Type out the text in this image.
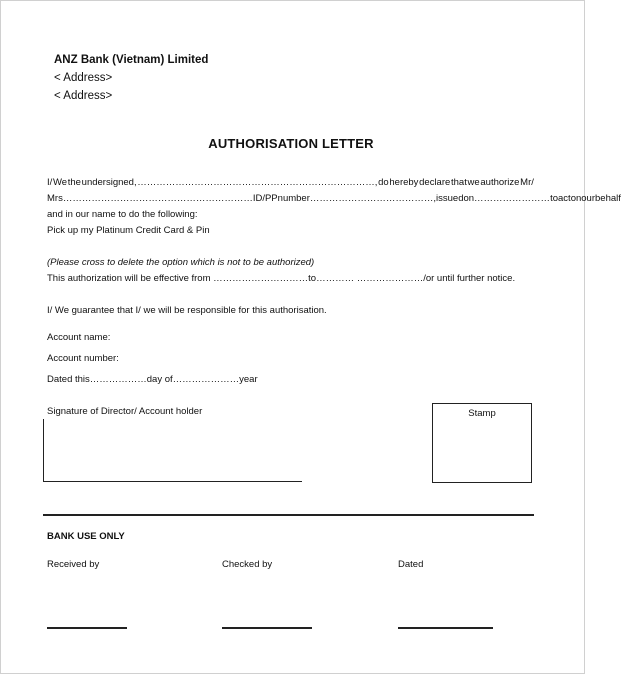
ANZ Bank (Vietnam) Limited
< Address>
< Address>
AUTHORISATION LETTER
I/ We the undersigned, …………………………………………………………………, do hereby declare that we authorize Mr/
Mrs……………………………………………………ID/ PP number …………………………………, issued on…………………… to act on our behalf
and in our name to do the following:
Pick up my Platinum Credit Card & Pin
(Please cross to delete the option which is not to be authorized)
This authorization will be effective from …………………………to………… …………………/or until further notice.
I/ We guarantee that I/ we will be responsible for this authorisation.
Account name:
Account number:
Dated this………………day of…………………year
Signature of Director/ Account holder	Stamp
BANK USE ONLY
Received by	Checked by	Dated
